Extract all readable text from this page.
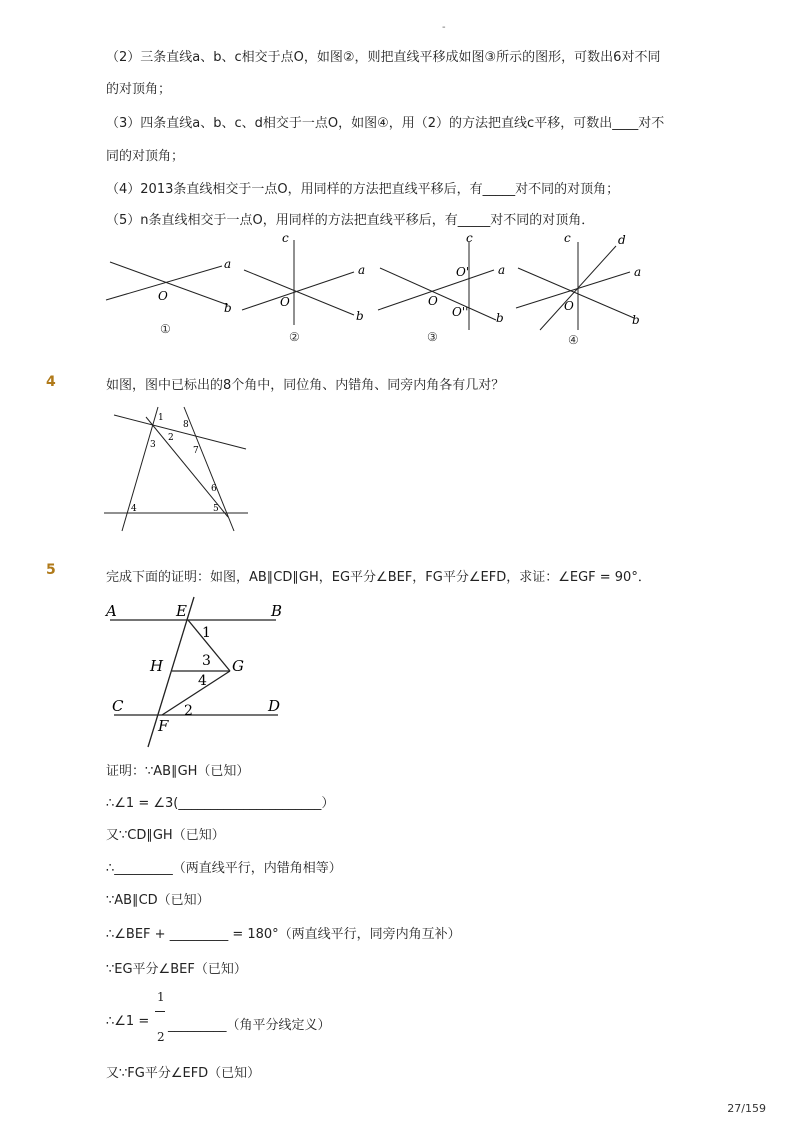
-
（2）三条直线a、b、c相交于点O，如图②，则把直线平移成如图③所示的图形，可数出6对不同
的对顶角；
（3）四条直线a、b、c、d相交于一点O，如图④，用（2）的方法把直线c平移，可数出____对不
同的对顶角；
（4）2013条直线相交于一点O，用同样的方法把直线平移后，有_____对不同的对顶角；
（5）n条直线相交于一点O，用同样的方法把直线平移后，有_____对不同的对顶角．
a
b
O
①
a
b
c
O
②
a
b
c
O
O'
O''
③
a
b
c	d
O
④
4	如图，图中已标出的8个角中，同位角、内错角、同旁内角各有几对？
1
2
3
4	5
6
7
8
5	完成下面的证明：如图，AB∥CD∥GH，EG平分∠BEF，FG平分∠EFD，求证：∠EGF = 90°．
A	E	B
H	G
C	D
F
1
2
3
4
证明：∵AB∥GH（已知）
∴∠1 = ∠3(______________________）
又∵CD∥GH（已知）
∴_________（两直线平行，内错角相等）
∵AB∥CD（已知）
∴∠BEF + _________ = 180°（两直线平行，同旁内角互补）
∵EG平分∠BEF（已知）
∴∠1 =
1
2
_________（角平分线定义）
又∵FG平分∠EFD（已知）
27/159
